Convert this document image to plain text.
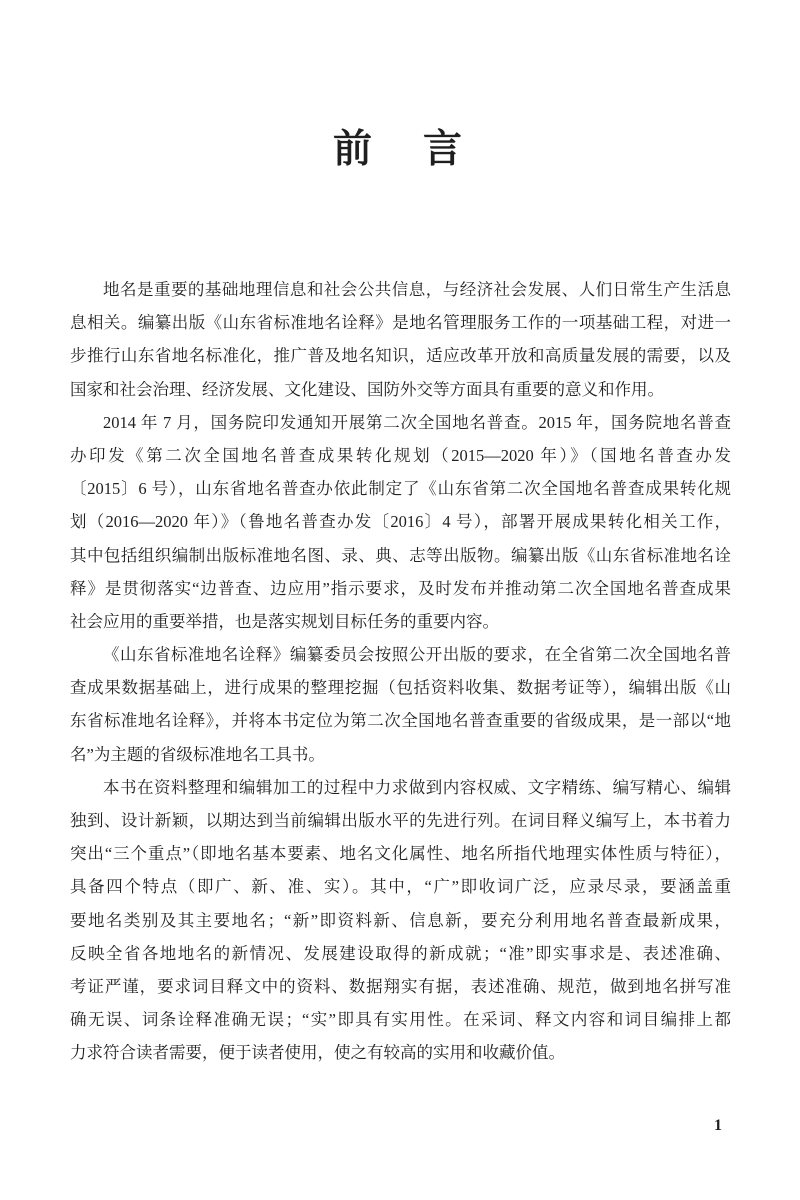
前　言

地名是重要的基础地理信息和社会公共信息，与经济社会发展、人们日常生产生活息
息相关。编纂出版《山东省标准地名诠释》是地名管理服务工作的一项基础工程，对进一
步推行山东省地名标准化，推广普及地名知识，适应改革开放和高质量发展的需要，以及
国家和社会治理、经济发展、文化建设、国防外交等方面具有重要的意义和作用。

2014 年 7 月，国务院印发通知开展第二次全国地名普查。2015 年，国务院地名普查
办印发《第二次全国地名普查成果转化规划（2015—2020 年）》（国地名普查办发
〔2015〕6 号），山东省地名普查办依此制定了《山东省第二次全国地名普查成果转化规
划（2016—2020 年）》（鲁地名普查办发〔2016〕4 号），部署开展成果转化相关工作，
其中包括组织编制出版标准地名图、录、典、志等出版物。编纂出版《山东省标准地名诠
释》是贯彻落实“边普查、边应用”指示要求，及时发布并推动第二次全国地名普查成果
社会应用的重要举措，也是落实规划目标任务的重要内容。

《山东省标准地名诠释》编纂委员会按照公开出版的要求，在全省第二次全国地名普
查成果数据基础上，进行成果的整理挖掘（包括资料收集、数据考证等），编辑出版《山
东省标准地名诠释》，并将本书定位为第二次全国地名普查重要的省级成果，是一部以“地
名”为主题的省级标准地名工具书。

本书在资料整理和编辑加工的过程中力求做到内容权威、文字精练、编写精心、编辑
独到、设计新颖，以期达到当前编辑出版水平的先进行列。在词目释义编写上，本书着力
突出“三个重点”（即地名基本要素、地名文化属性、地名所指代地理实体性质与特征），
具备四个特点（即广、新、准、实）。其中，“广”即收词广泛，应录尽录，要涵盖重
要地名类别及其主要地名；“新”即资料新、信息新，要充分利用地名普查最新成果，
反映全省各地地名的新情况、发展建设取得的新成就；“准”即实事求是、表述准确、
考证严谨，要求词目释文中的资料、数据翔实有据，表述准确、规范，做到地名拼写准
确无误、词条诠释准确无误；“实”即具有实用性。在采词、释文内容和词目编排上都
力求符合读者需要，便于读者使用，使之有较高的实用和收藏价值。

1
